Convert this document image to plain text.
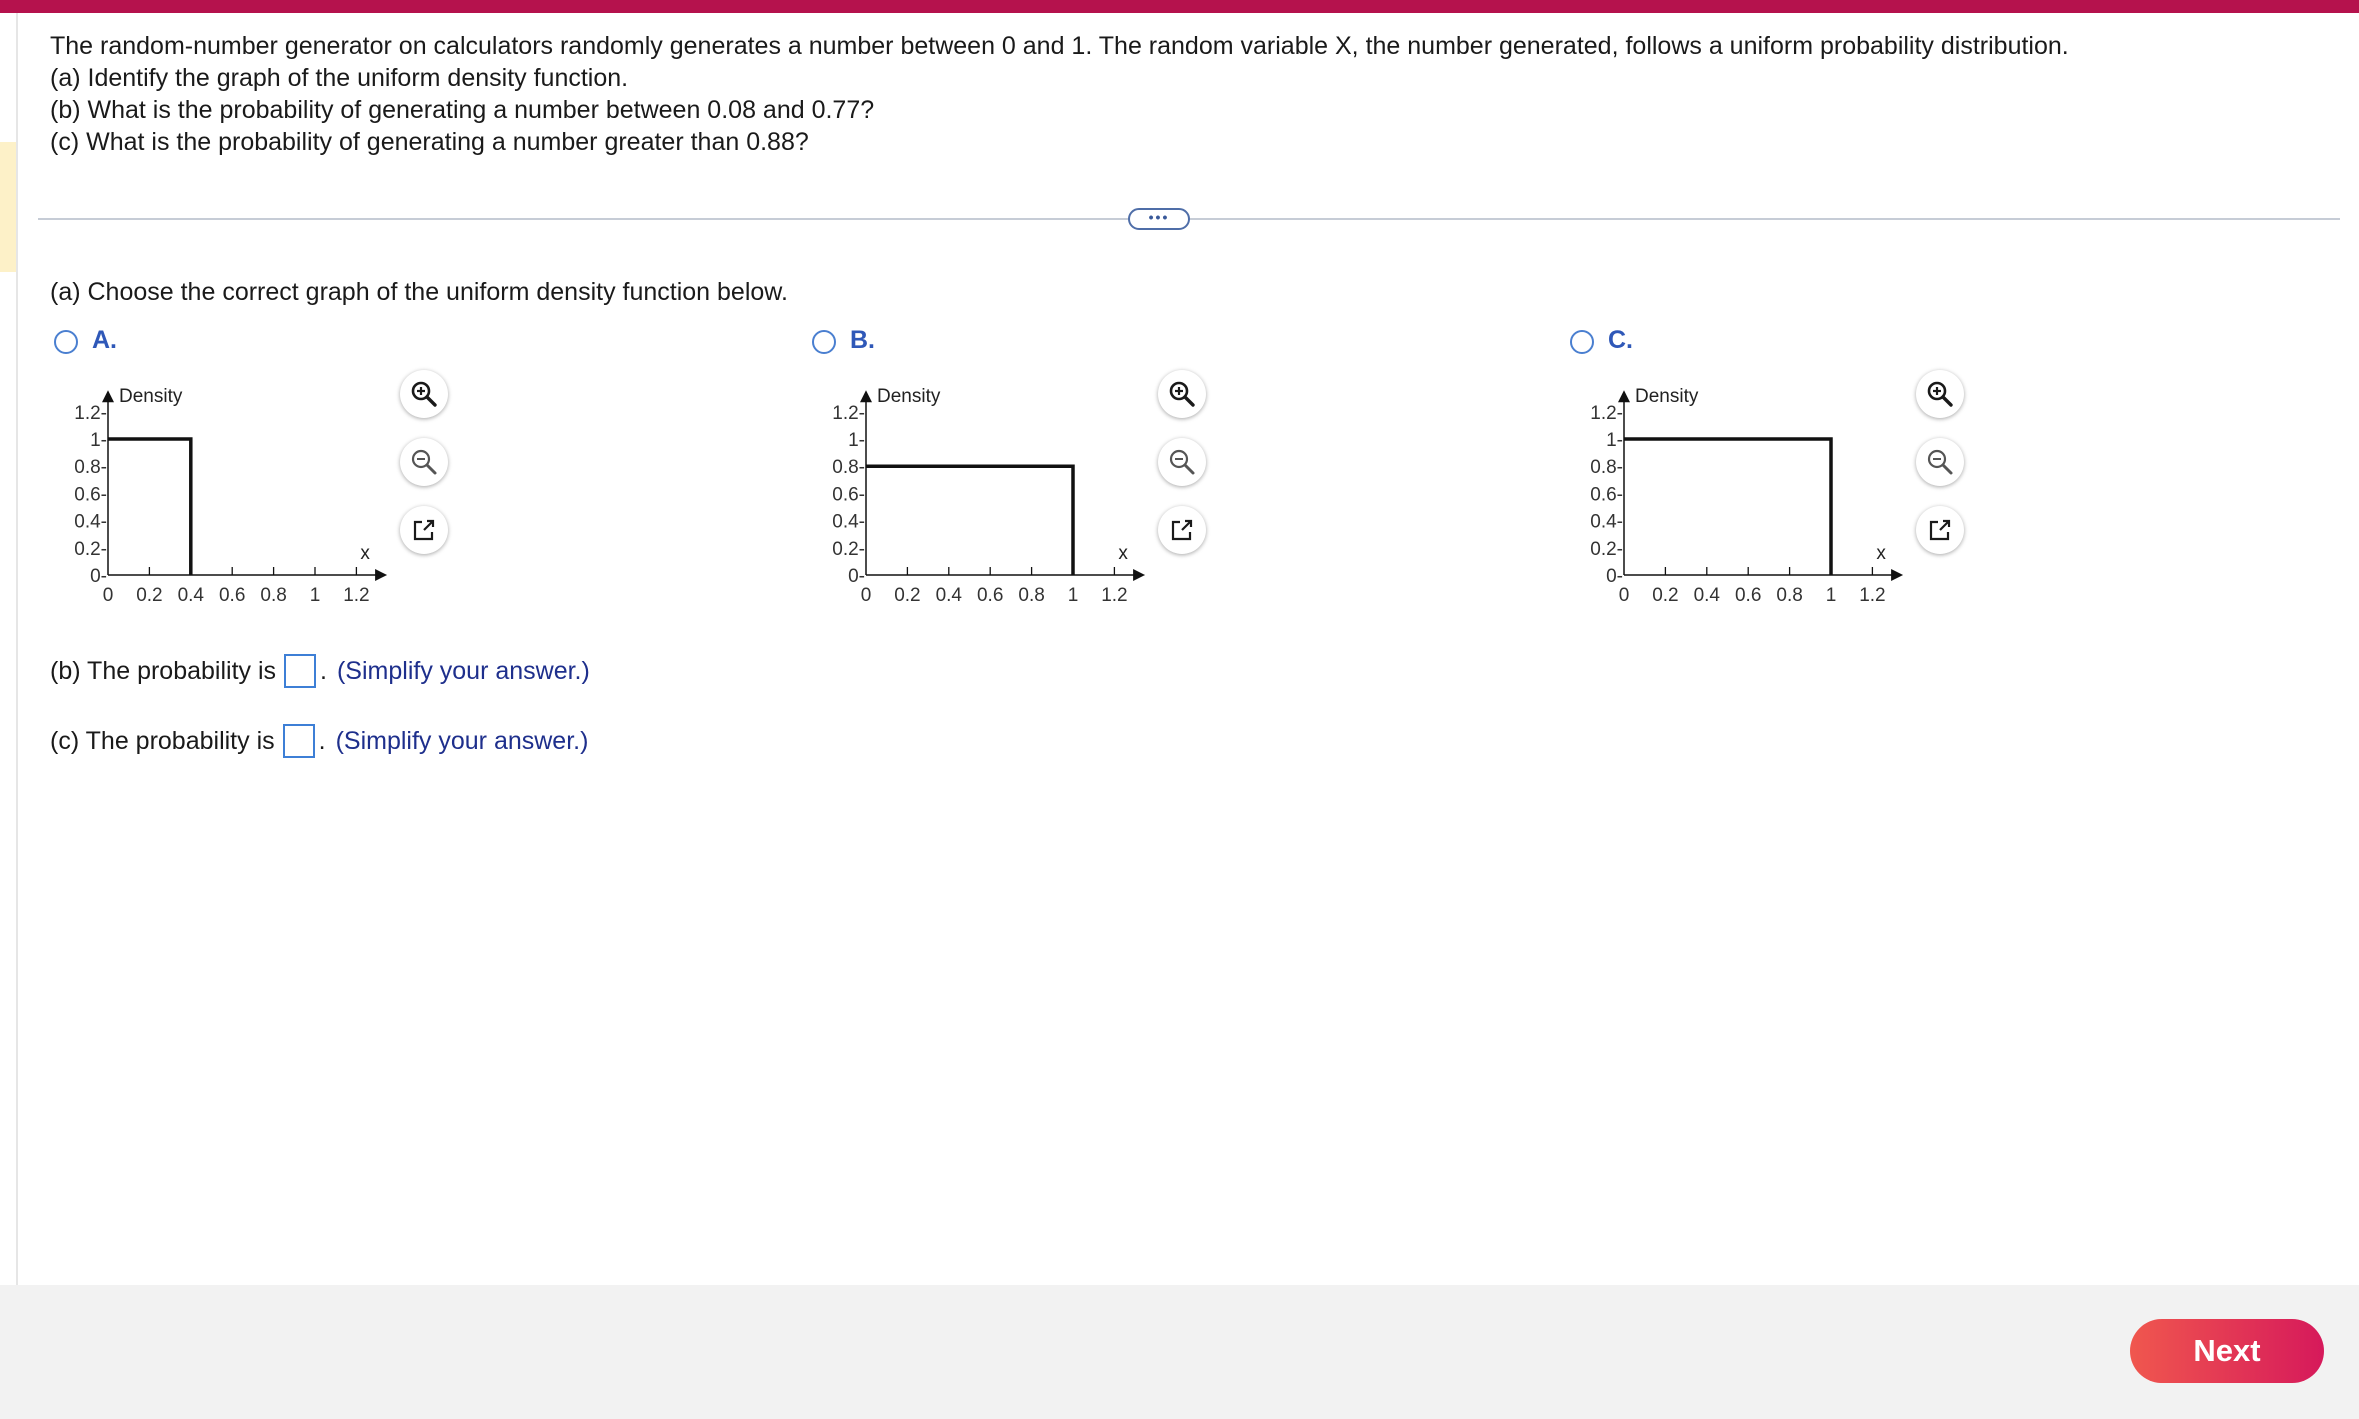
The random-number generator on calculators randomly generates a number between 0 and 1. The random variable X, the number generated, follows a uniform probability distribution.
(a) Identify the graph of the uniform density function.
(b) What is the probability of generating a number between 0.08 and 0.77?
(c) What is the probability of generating a number greater than 0.88?
•••
(a) Choose the correct graph of the uniform density function below.
A.
0-
0.2-
0.4-
0.6-
0.8-
1-
1.2-
0 0.2 0.4 0.6 0.8 1 1.2
Density
x
B.
0-
0.2-
0.4-
0.6-
0.8-
1-
1.2-
0 0.2 0.4 0.6 0.8 1 1.2
Density
x
C.
0-
0.2-
0.4-
0.6-
0.8-
1-
1.2-
0 0.2 0.4 0.6 0.8 1 1.2
Density
x
(b) The probability is . (Simplify your answer.)
(c) The probability is . (Simplify your answer.)
Next
